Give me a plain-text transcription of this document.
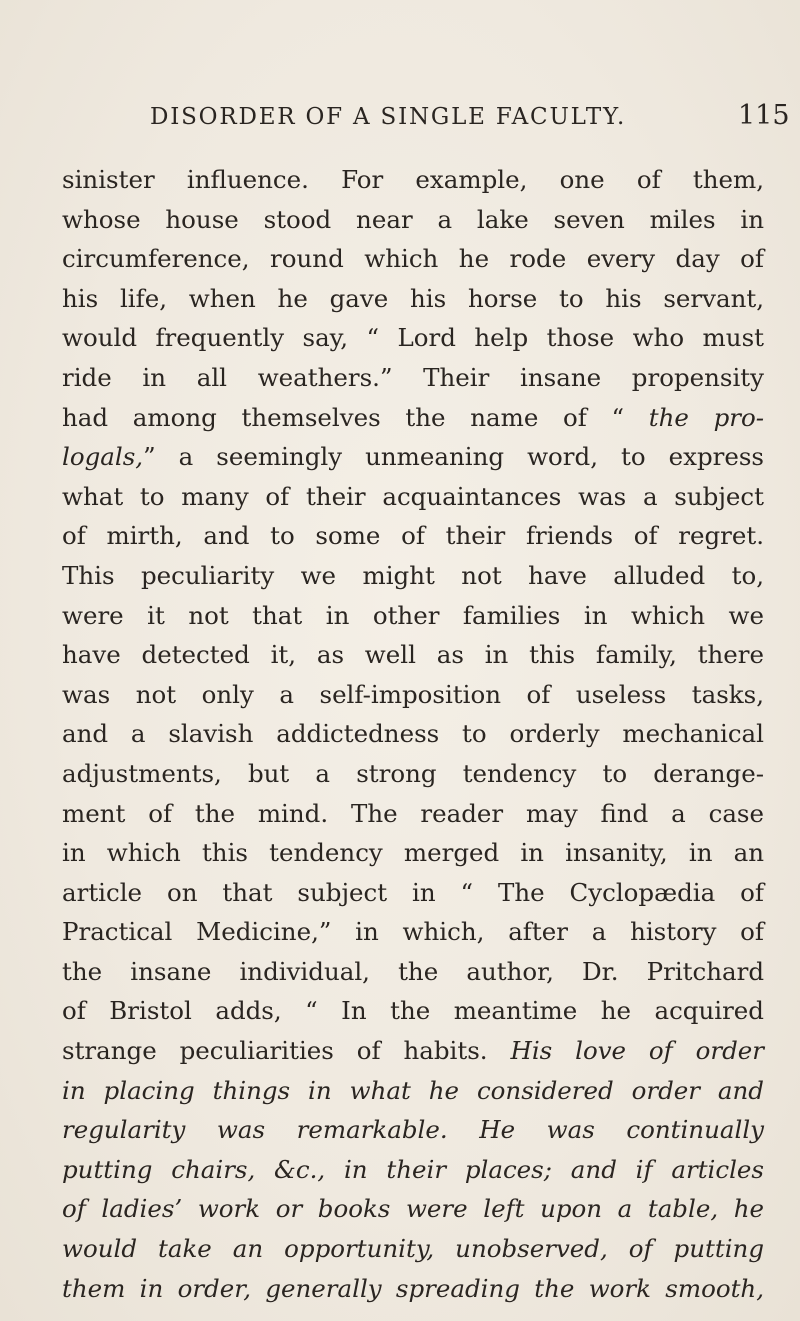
DISORDER OF A SINGLE FACULTY.	115
sinister influence. For example, one of them,
whose house stood near a lake seven miles in
circumference, round which he rode every day of
his life, when he gave his horse to his servant,
would frequently say, “ Lord help those who must
ride in all weathers.” Their insane propensity
had among themselves the name of “ the pro-
logals,” a seemingly unmeaning word, to express
what to many of their acquaintances was a subject
of mirth, and to some of their friends of regret.
This peculiarity we might not have alluded to,
were it not that in other families in which we
have detected it, as well as in this family, there
was not only a self-imposition of useless tasks,
and a slavish addictedness to orderly mechanical
adjustments, but a strong tendency to derange-
ment of the mind. The reader may find a case
in which this tendency merged in insanity, in an
article on that subject in “ The Cyclopædia of
Practical Medicine,” in which, after a history of
the insane individual, the author, Dr. Pritchard
of Bristol adds, “ In the meantime he acquired
strange peculiarities of habits. His love of order
in placing things in what he considered order and
regularity was remarkable. He was continually
putting chairs, &c., in their places; and if articles
of ladies’ work or books were left upon a table, he
would take an opportunity, unobserved, of putting
them in order, generally spreading the work smooth,
